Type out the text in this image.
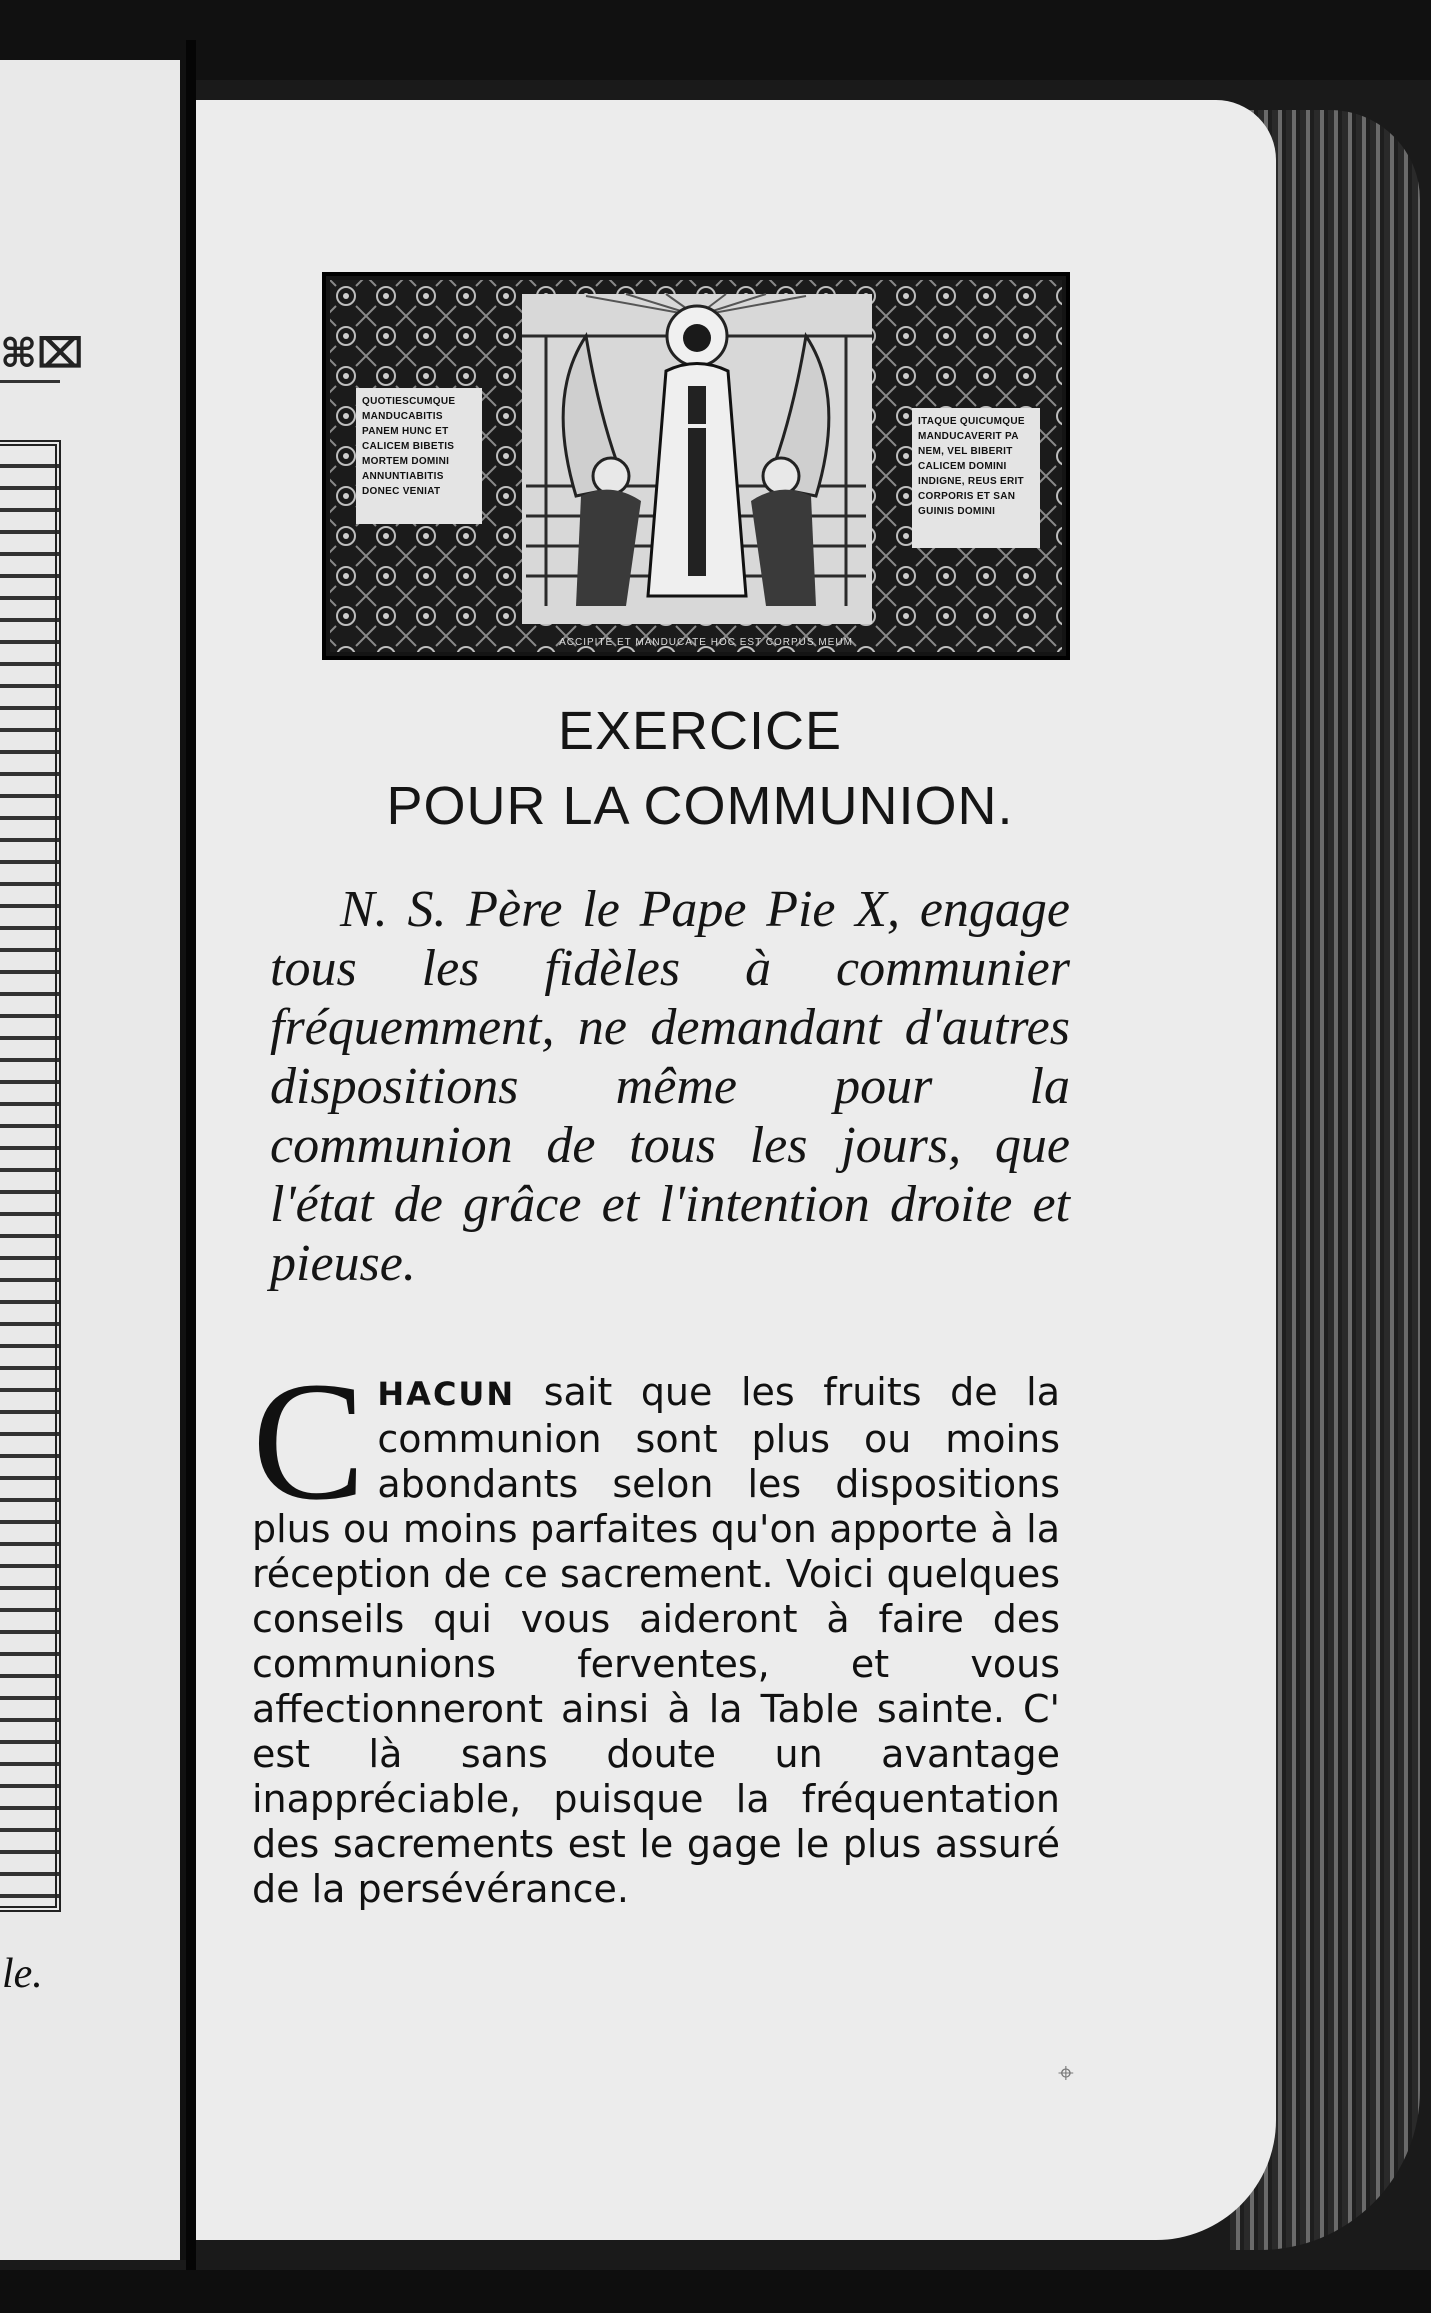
⌘⌧
le.
QUOTIESCUMQUE
MANDUCABITIS
PANEM HUNC ET
CALICEM BIBETIS
MORTEM DOMINI
ANNUNTIABITIS
DONEC VENIAT
ITAQUE QUICUMQUE
MANDUCAVERIT PA
NEM, VEL BIBERIT
CALICEM DOMINI
INDIGNE, REUS ERIT
CORPORIS ET SAN
GUINIS DOMINI
ACCIPITE ET MANDUCATE HOC EST CORPUS MEUM
EXERCICE
POUR LA COMMUNION.
N. S. Père le Pape Pie X, engage tous les fidèles à communier fréquemment, ne demandant d'autres dispositions même pour la communion de tous les jours, que l'état de grâce et l'intention droite et pieuse.
CHACUN sait que les fruits de la communion sont plus ou moins abondants selon les dispositions plus ou moins parfaites qu'on apporte à la réception de ce sacrement. Voici quelques conseils qui vous aideront à faire des communions ferventes, et vous affectionneront ainsi à la Table sainte. C' est là sans doute un avantage inappréciable, puisque la fréquentation des sacrements est le gage le plus assuré de la persévérance.
⌖
